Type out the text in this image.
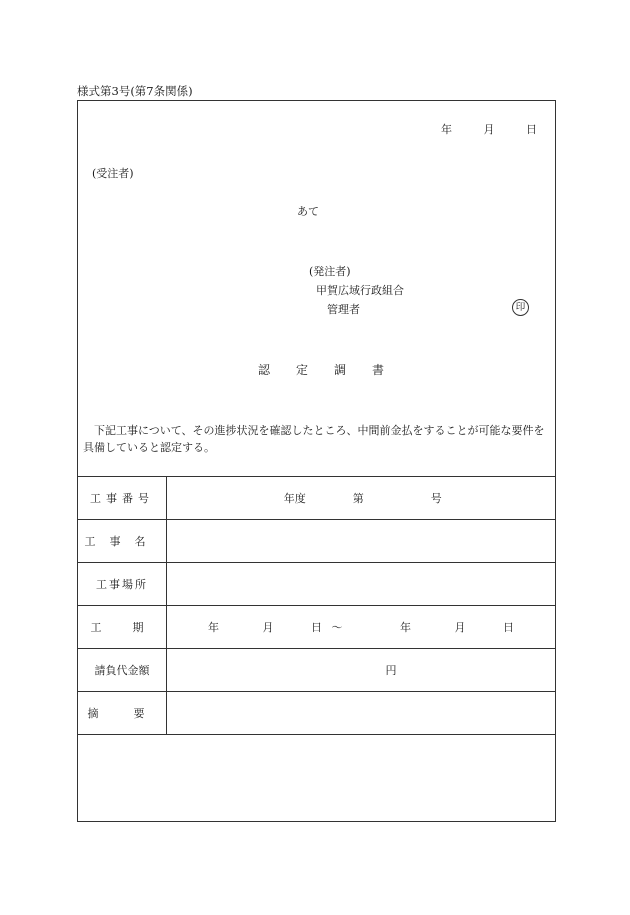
様式第3号(第7条関係)
年	月	日
(受注者)
あて
(発注者)
甲賀広域行政組合
管理者	印
認定調書
下記工事について、その進捗状況を確認したところ、中間前金払をすることが可能な要件を具備していると認定する。
工事番号	年度 第 号
工事名	
工事場所	
工　期	年 月 日 ～ 年 月 日
請負代金額	円
摘　要	
